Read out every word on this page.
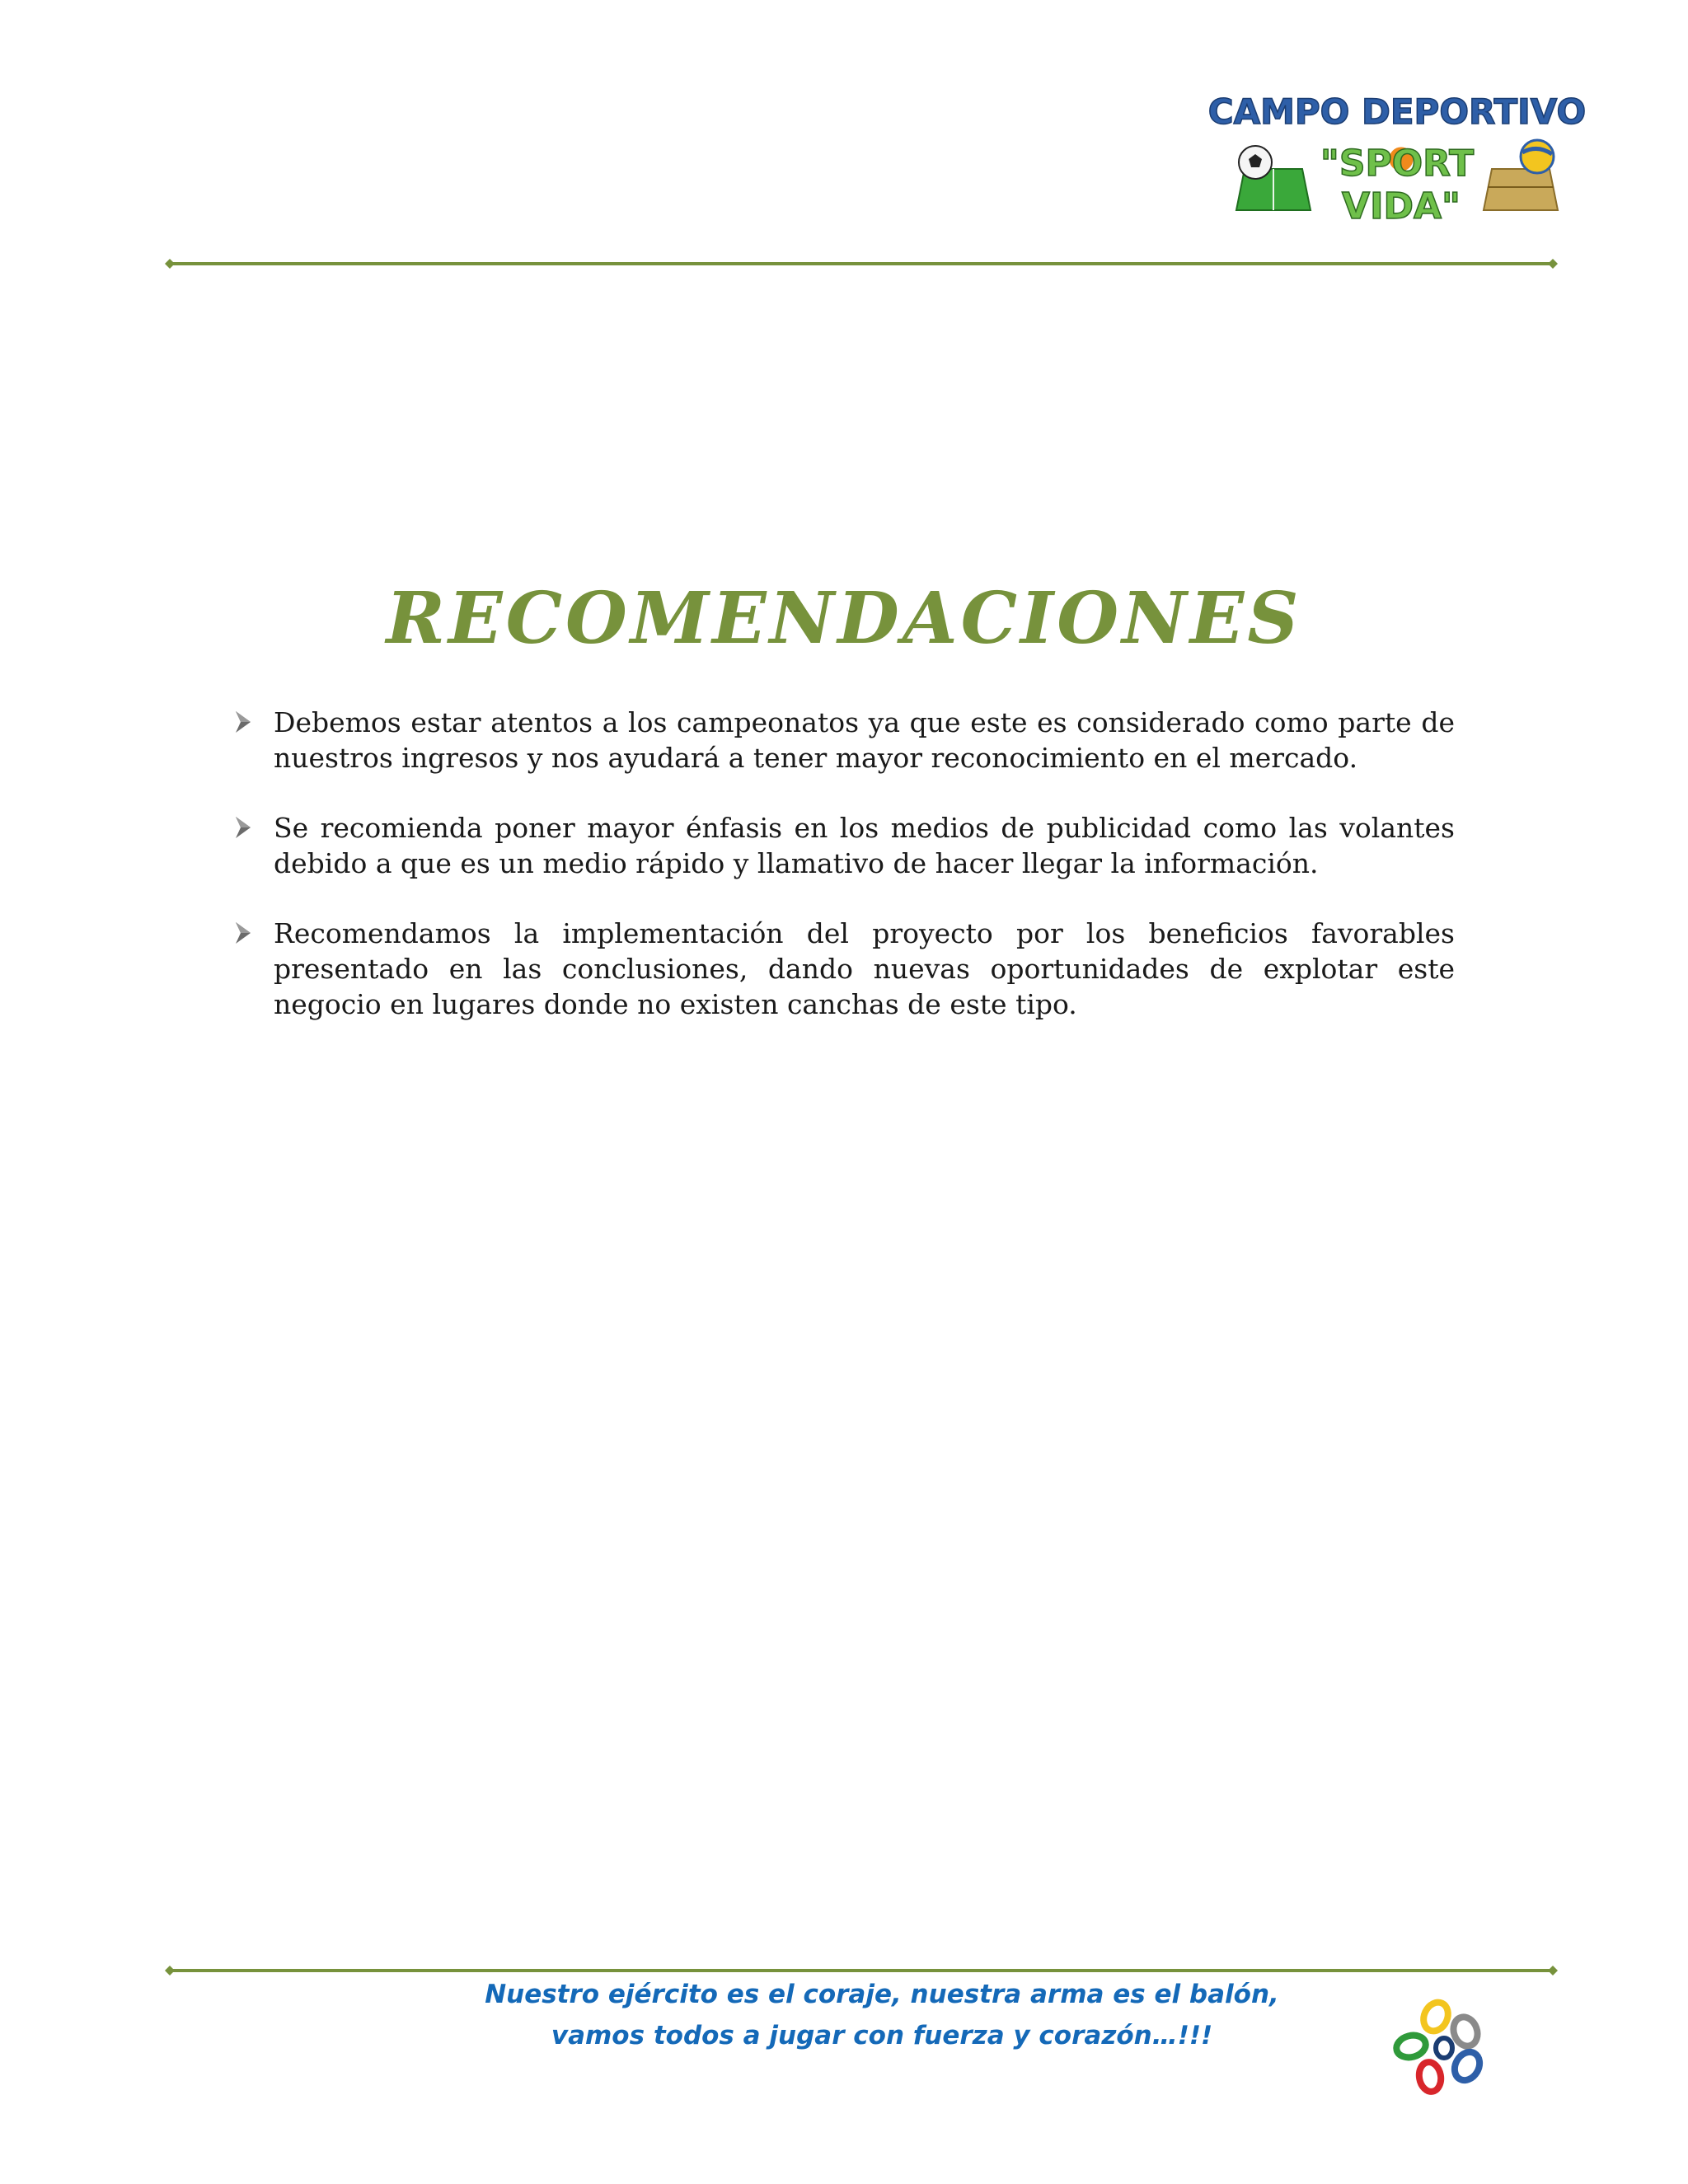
CAMPO DEPORTIVO
"SPORT
VIDA"
RECOMENDACIONES
Debemos estar atentos a los campeonatos ya que este es considerado como parte de nuestros ingresos y nos ayudará a tener mayor reconocimiento en el mercado.
Se recomienda poner mayor énfasis en los medios de publicidad como las volantes debido a que es un medio rápido y llamativo de hacer llegar la información.
Recomendamos la implementación del proyecto por los beneficios favorables presentado en las conclusiones, dando nuevas oportunidades de explotar este negocio en lugares donde no existen canchas de este tipo.
Nuestro ejército es el coraje, nuestra arma es el balón,
vamos todos a jugar con fuerza y corazón…!!!
